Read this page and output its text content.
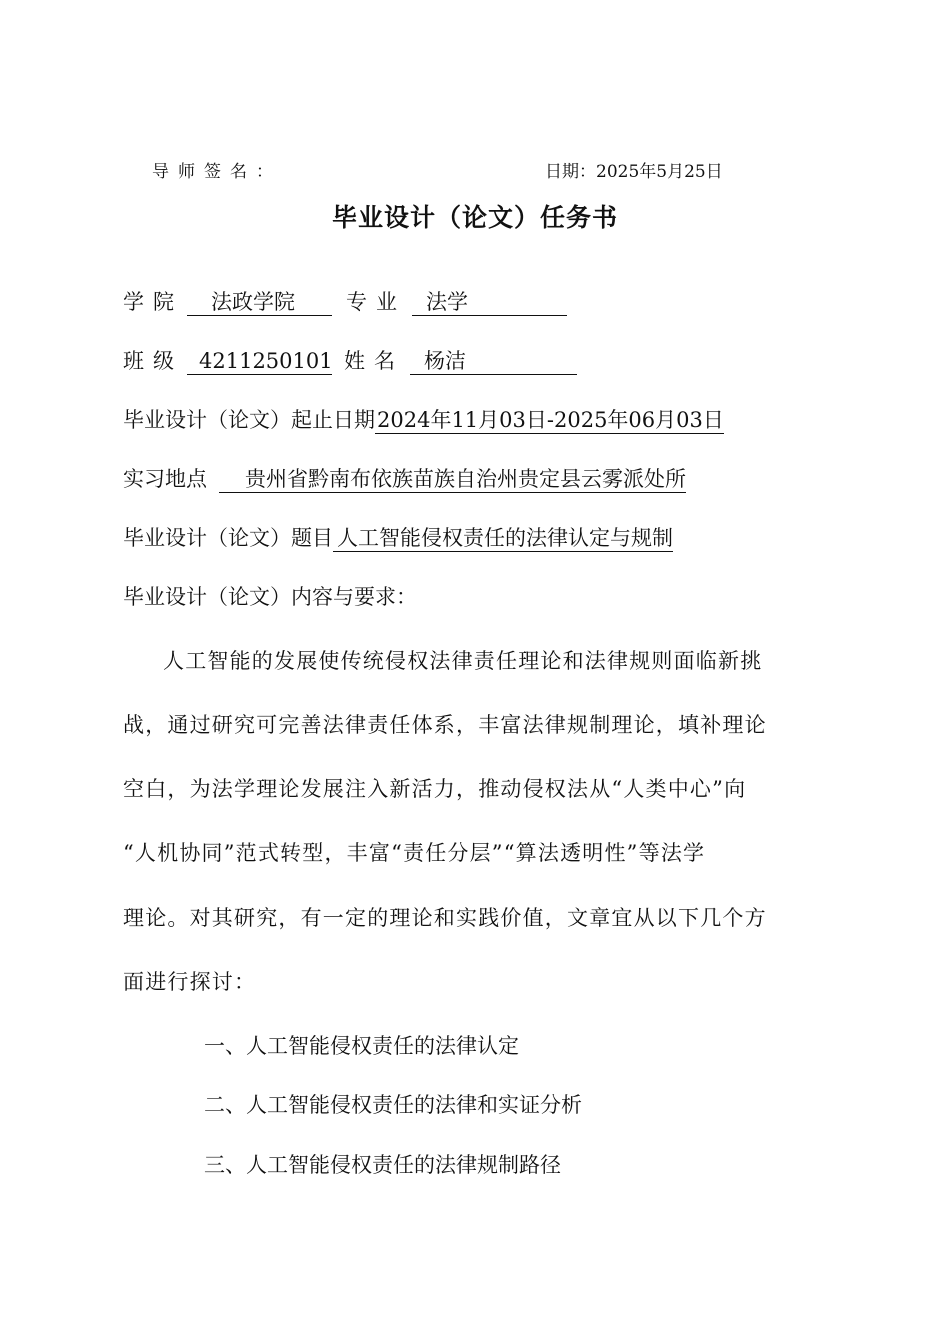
导师签名：	日期：2025年5月25日
毕业设计（论文）任务书
学院 法政学院 专业 法学
班级 4211250101 姓名 杨洁
毕业设计（论文）起止日期2024年11月03日-2025年06月03日
实习地点 贵州省黔南布依族苗族自治州贵定县云雾派处所
毕业设计（论文）题目 人工智能侵权责任的法律认定与规制
毕业设计（论文）内容与要求：
人工智能的发展使传统侵权法律责任理论和法律规则面临新挑
战，通过研究可完善法律责任体系，丰富法律规制理论，填补理论
空白，为法学理论发展注入新活力，推动侵权法从“人类中心”向
“人机协同”范式转型，丰富“责任分层”“算法透明性”等法学
理论。对其研究，有一定的理论和实践价值，文章宜从以下几个方
面进行探讨：
一、人工智能侵权责任的法律认定
二、人工智能侵权责任的法律和实证分析
三、人工智能侵权责任的法律规制路径
